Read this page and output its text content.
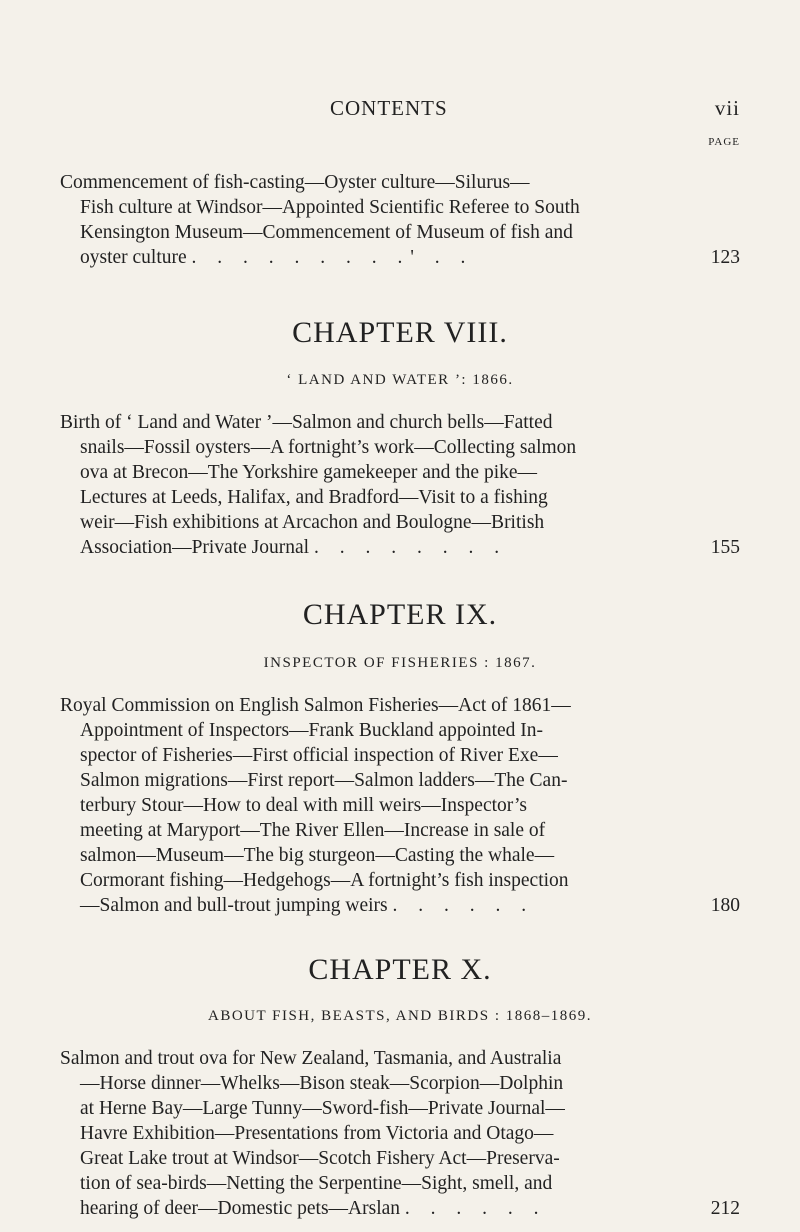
CONTENTS	vii
PAGE
Commencement of fish-casting—Oyster culture—Silurus—
Fish culture at Windsor—Appointed Scientific Referee to South
Kensington Museum—Commencement of Museum of fish and
oyster culture . . . . . . . . .' . .	123
CHAPTER VIII.
‘ LAND AND WATER ’: 1866.
Birth of ‘ Land and Water ’—Salmon and church bells—Fatted
snails—Fossil oysters—A fortnight’s work—Collecting salmon
ova at Brecon—The Yorkshire gamekeeper and the pike—
Lectures at Leeds, Halifax, and Bradford—Visit to a fishing
weir—Fish exhibitions at Arcachon and Boulogne—British
Association—Private Journal . . . . . . . .	155
CHAPTER IX.
INSPECTOR OF FISHERIES : 1867.
Royal Commission on English Salmon Fisheries—Act of 1861—
Appointment of Inspectors—Frank Buckland appointed In-
spector of Fisheries—First official inspection of River Exe—
Salmon migrations—First report—Salmon ladders—The Can-
terbury Stour—How to deal with mill weirs—Inspector’s
meeting at Maryport—The River Ellen—Increase in sale of
salmon—Museum—The big sturgeon—Casting the whale—
Cormorant fishing—Hedgehogs—A fortnight’s fish inspection
—Salmon and bull-trout jumping weirs . . . . . .	180
CHAPTER X.
ABOUT FISH, BEASTS, AND BIRDS : 1868–1869.
Salmon and trout ova for New Zealand, Tasmania, and Australia
—Horse dinner—Whelks—Bison steak—Scorpion—Dolphin
at Herne Bay—Large Tunny—Sword-fish—Private Journal—
Havre Exhibition—Presentations from Victoria and Otago—
Great Lake trout at Windsor—Scotch Fishery Act—Preserva-
tion of sea-birds—Netting the Serpentine—Sight, smell, and
hearing of deer—Domestic pets—Arslan . . . . . .	212
